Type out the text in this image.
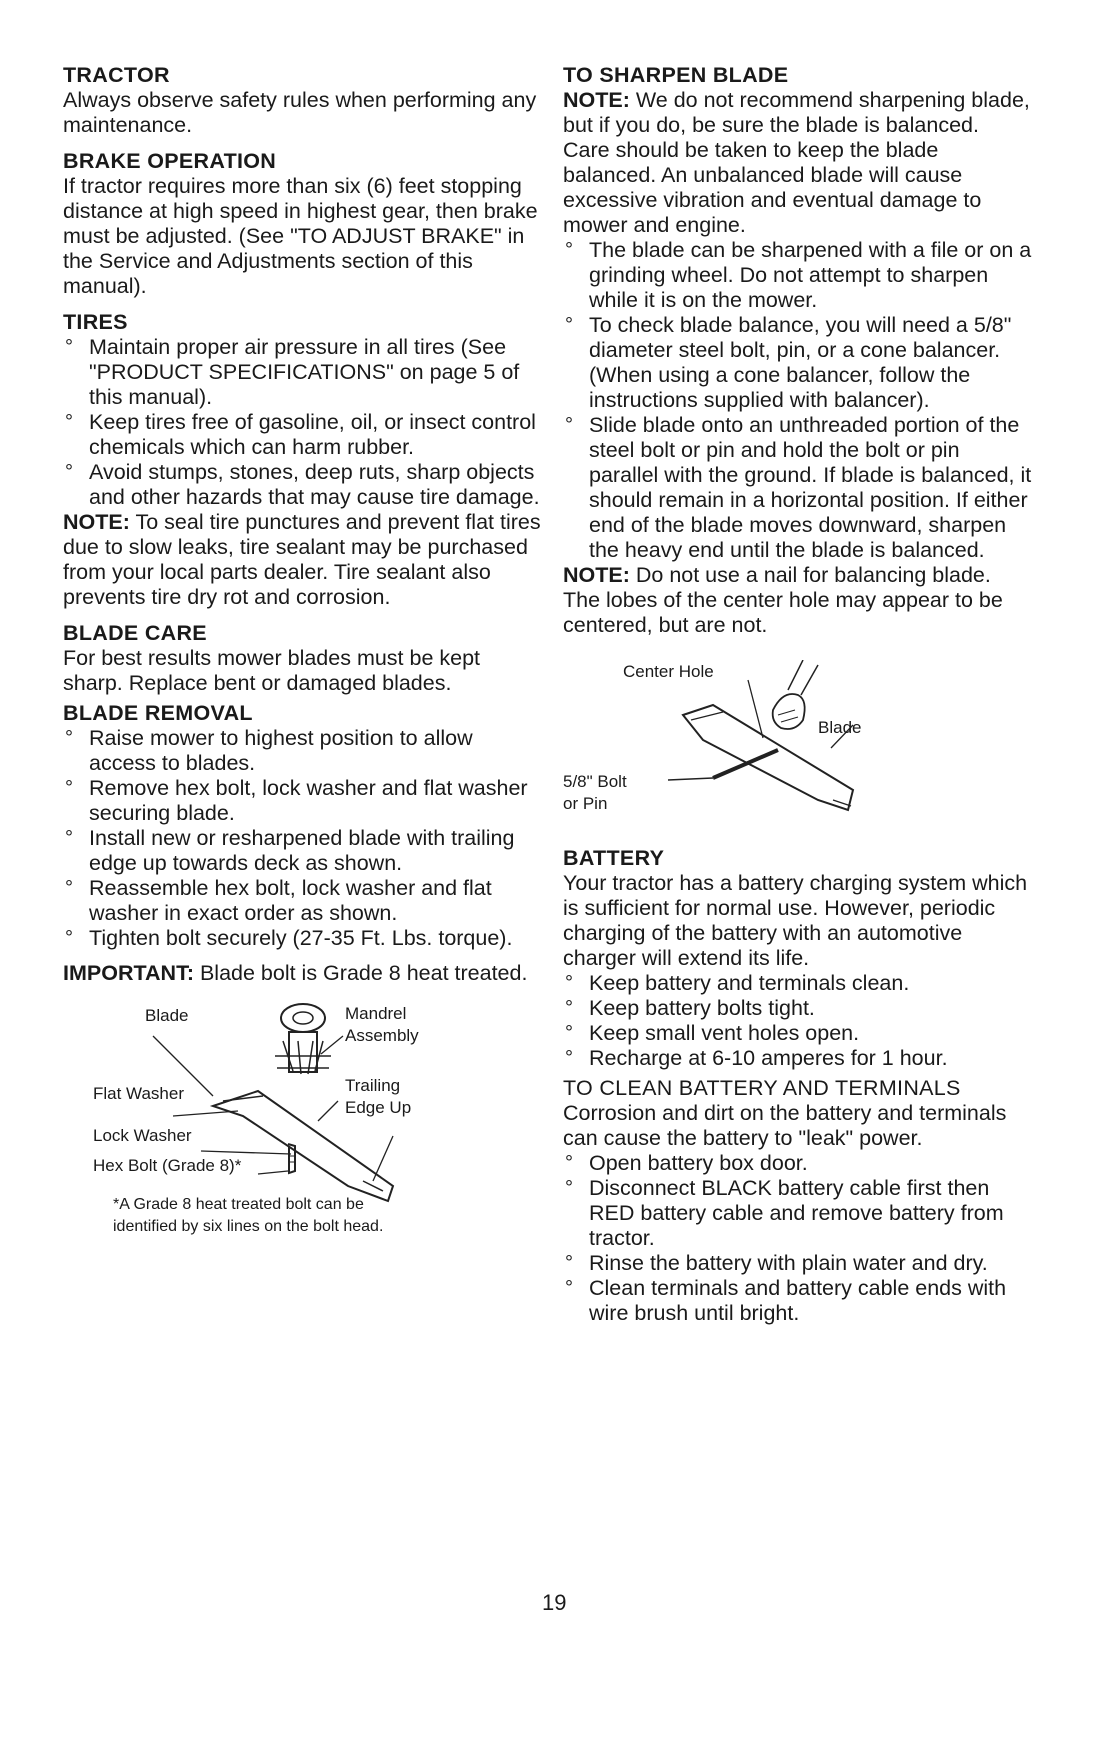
TRACTOR

Always observe safety rules when performing any maintenance.

BRAKE OPERATION

If tractor requires more than six (6) feet stopping distance at high speed in highest gear, then brake must be adjusted. (See "TO ADJUST BRAKE" in the Service and Adjustments section of this manual).

TIRES
° Maintain proper air pressure in all tires (See "PRODUCT SPECIFICATIONS" on page 5 of this manual).
° Keep tires free of gasoline, oil, or insect control chemicals which can harm rubber.
° Avoid stumps, stones, deep ruts, sharp objects and other hazards that may cause tire damage.

NOTE: To seal tire punctures and prevent flat tires due to slow leaks, tire sealant may be purchased from your local parts dealer. Tire sealant also prevents tire dry rot and corrosion.

BLADE CARE

For best results mower blades must be kept sharp. Replace bent or damaged blades.

BLADE REMOVAL
° Raise mower to highest position to allow access to blades.
° Remove hex bolt, lock washer and flat washer securing blade.
° Install new or resharpened blade with trailing edge up towards deck as shown.
° Reassemble hex bolt, lock washer and flat washer in exact order as shown.
° Tighten bolt securely (27-35 Ft. Lbs. torque).

IMPORTANT: Blade bolt is Grade 8 heat treated.

Blade	Mandrel
Assembly
Trailing
Edge Up
Flat Washer
Lock Washer
Hex Bolt (Grade 8)*

*A Grade 8 heat treated bolt can be

identified by six lines on the bolt head.

TO SHARPEN BLADE

NOTE: We do not recommend sharpening blade, but if you do, be sure the blade is balanced.

Care should be taken to keep the blade balanced. An unbalanced blade will cause excessive vibration and eventual damage to mower and engine.

° The blade can be sharpened with a file or on a grinding wheel. Do not attempt to sharpen while it is on the mower.
° To check blade balance, you will need a 5/8" diameter steel bolt, pin, or a cone balancer. (When using a cone balancer, follow the instructions supplied with balancer).
° Slide blade onto an unthreaded portion of the steel bolt or pin and hold the bolt or pin parallel with the ground. If blade is balanced, it should remain in a horizontal position. If either end of the blade moves downward, sharpen the heavy end until the blade is balanced.

NOTE: Do not use a nail for balancing blade. The lobes of the center hole may appear to be centered, but are not.

Center Hole
Blade
5/8" Bolt
or Pin
BATTERY

Your tractor has a battery charging system which is sufficient for normal use. However, periodic charging of the battery with an automotive charger will extend its life.

° Keep battery and terminals clean.
° Keep battery bolts tight.
° Keep small vent holes open.
° Recharge at 6-10 amperes for 1 hour.
TO CLEAN BATTERY AND TERMINALS

Corrosion and dirt on the battery and terminals can cause the battery to "leak" power.

° Open battery box door.
° Disconnect BLACK battery cable first then RED battery cable and remove battery from tractor.
° Rinse the battery with plain water and dry.
° Clean terminals and battery cable ends with wire brush until bright.
19
